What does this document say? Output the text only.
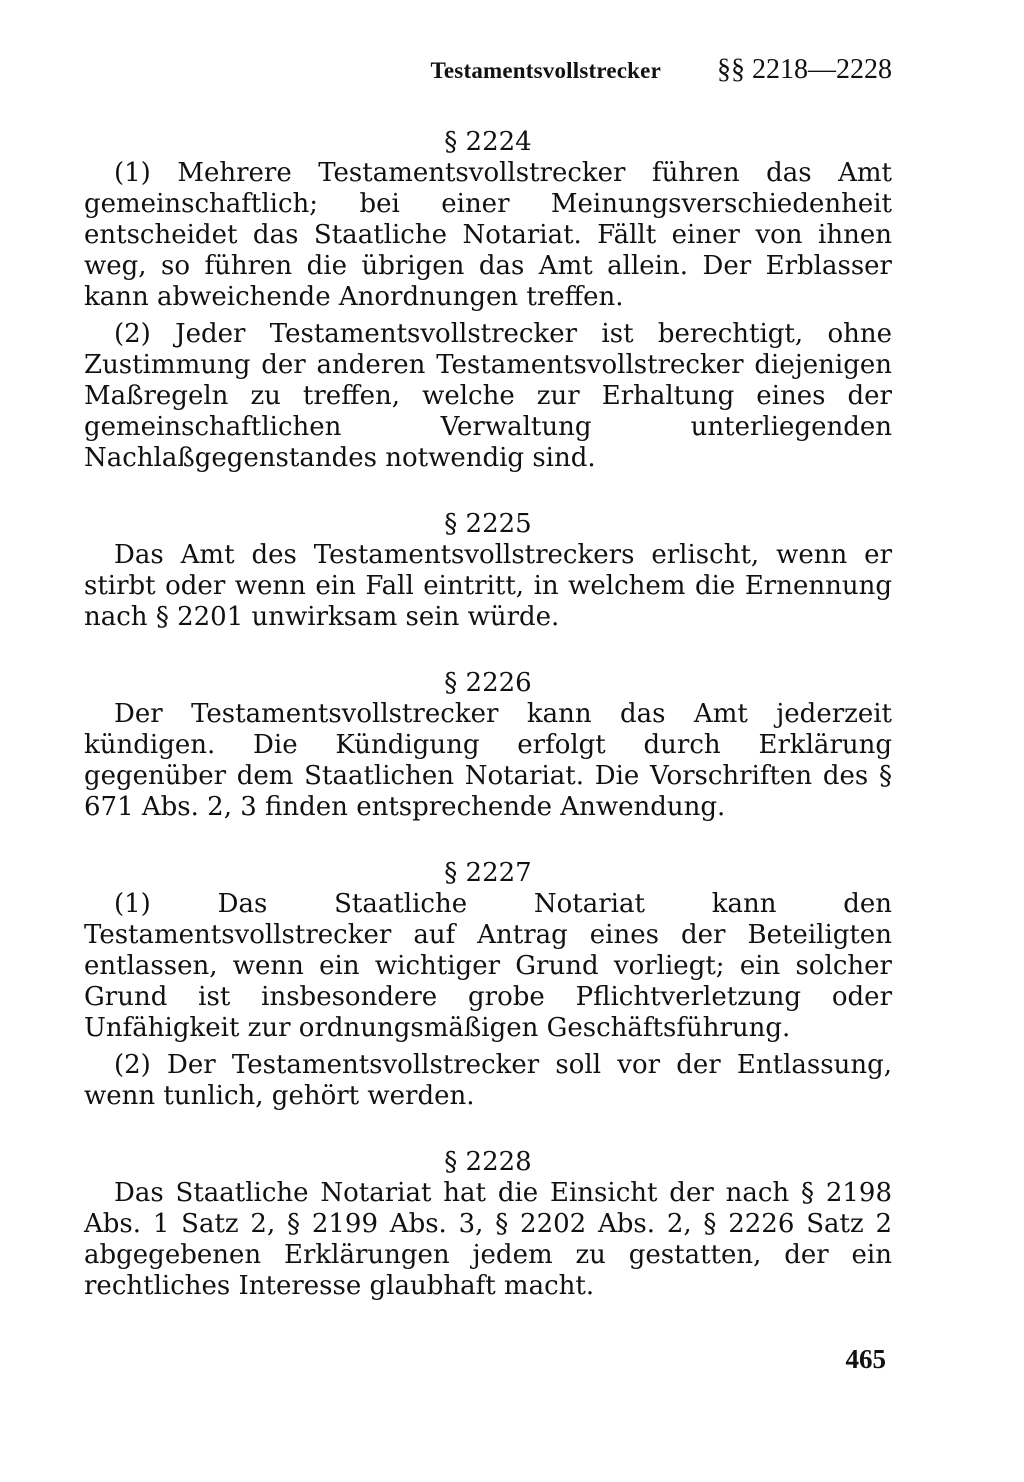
Testamentsvollstrecker §§ 2218—2228
§ 2224

(1) Mehrere Testamentsvollstrecker führen das Amt gemeinschaftlich; bei einer Meinungsverschiedenheit entscheidet das Staatliche Notariat. Fällt einer von ihnen weg, so führen die übrigen das Amt allein. Der Erblasser kann abweichende Anordnungen treffen.

(2) Jeder Testamentsvollstrecker ist berechtigt, ohne Zustimmung der anderen Testamentsvollstrecker diejenigen Maßregeln zu treffen, welche zur Erhaltung eines der gemeinschaftlichen Verwaltung unterliegenden Nachlaßgegenstandes notwendig sind.

§ 2225

Das Amt des Testamentsvollstreckers erlischt, wenn er stirbt oder wenn ein Fall eintritt, in welchem die Ernennung nach § 2201 unwirksam sein würde.

§ 2226

Der Testamentsvollstrecker kann das Amt jederzeit kündigen. Die Kündigung erfolgt durch Erklärung gegenüber dem Staatlichen Notariat. Die Vorschriften des § 671 Abs. 2, 3 finden entsprechende Anwendung.

§ 2227

(1) Das Staatliche Notariat kann den Testamentsvollstrecker auf Antrag eines der Beteiligten entlassen, wenn ein wichtiger Grund vorliegt; ein solcher Grund ist insbesondere grobe Pflichtverletzung oder Unfähigkeit zur ordnungsmäßigen Geschäftsführung.

(2) Der Testamentsvollstrecker soll vor der Entlassung, wenn tunlich, gehört werden.

§ 2228

Das Staatliche Notariat hat die Einsicht der nach § 2198 Abs. 1 Satz 2, § 2199 Abs. 3, § 2202 Abs. 2, § 2226 Satz 2 abgegebenen Erklärungen jedem zu gestatten, der ein rechtliches Interesse glaubhaft macht.

465
